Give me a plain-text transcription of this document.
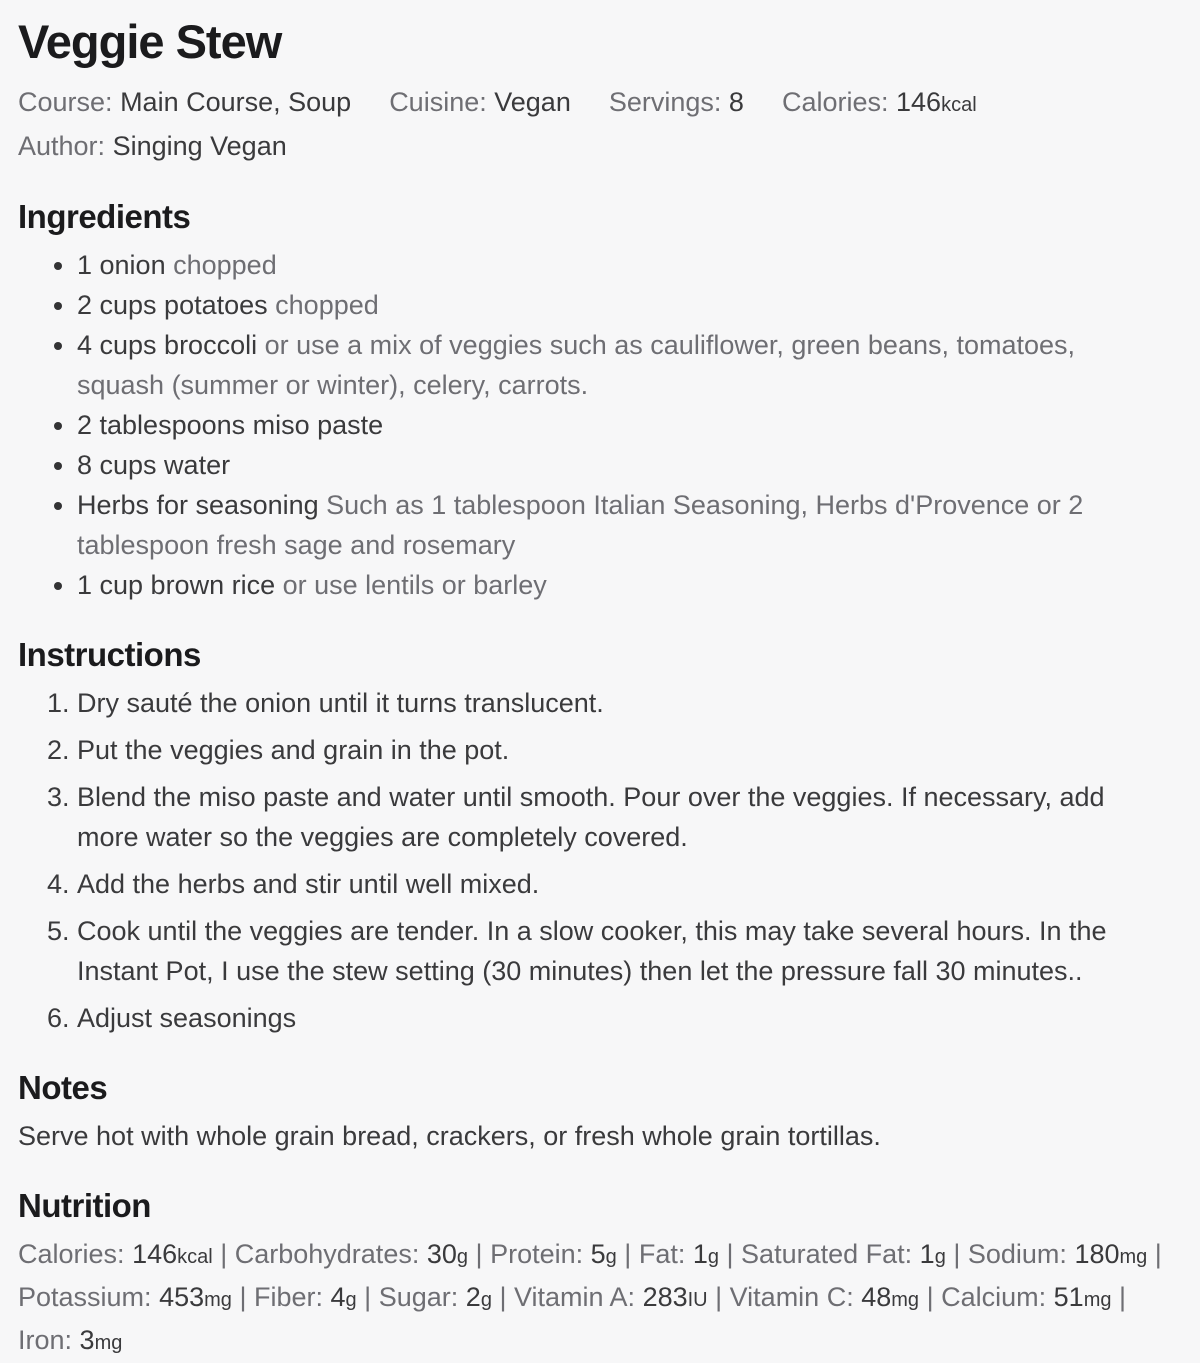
Veggie Stew
Course: Main Course, Soup Cuisine: Vegan Servings: 8 Calories: 146kcal
Author: Singing Vegan
Ingredients
• 1 onion chopped
• 2 cups potatoes chopped
• 4 cups broccoli or use a mix of veggies such as cauliflower, green beans, tomatoes, squash (summer or winter), celery, carrots.
• 2 tablespoons miso paste
• 8 cups water
• Herbs for seasoning Such as 1 tablespoon Italian Seasoning, Herbs d'Provence or 2 tablespoon fresh sage and rosemary
• 1 cup brown rice or use lentils or barley
Instructions
1. Dry sauté the onion until it turns translucent.
2. Put the veggies and grain in the pot.
3. Blend the miso paste and water until smooth. Pour over the veggies. If necessary, add more water so the veggies are completely covered.
4. Add the herbs and stir until well mixed.
5. Cook until the veggies are tender. In a slow cooker, this may take several hours. In the Instant Pot, I use the stew setting (30 minutes) then let the pressure fall 30 minutes..
6. Adjust seasonings
Notes

Serve hot with whole grain bread, crackers, or fresh whole grain tortillas.

Nutrition

Calories: 146kcal | Carbohydrates: 30g | Protein: 5g | Fat: 1g | Saturated Fat: 1g | Sodium: 180mg | Potassium: 453mg | Fiber: 4g | Sugar: 2g | Vitamin A: 283IU | Vitamin C: 48mg | Calcium: 51mg | Iron: 3mg
